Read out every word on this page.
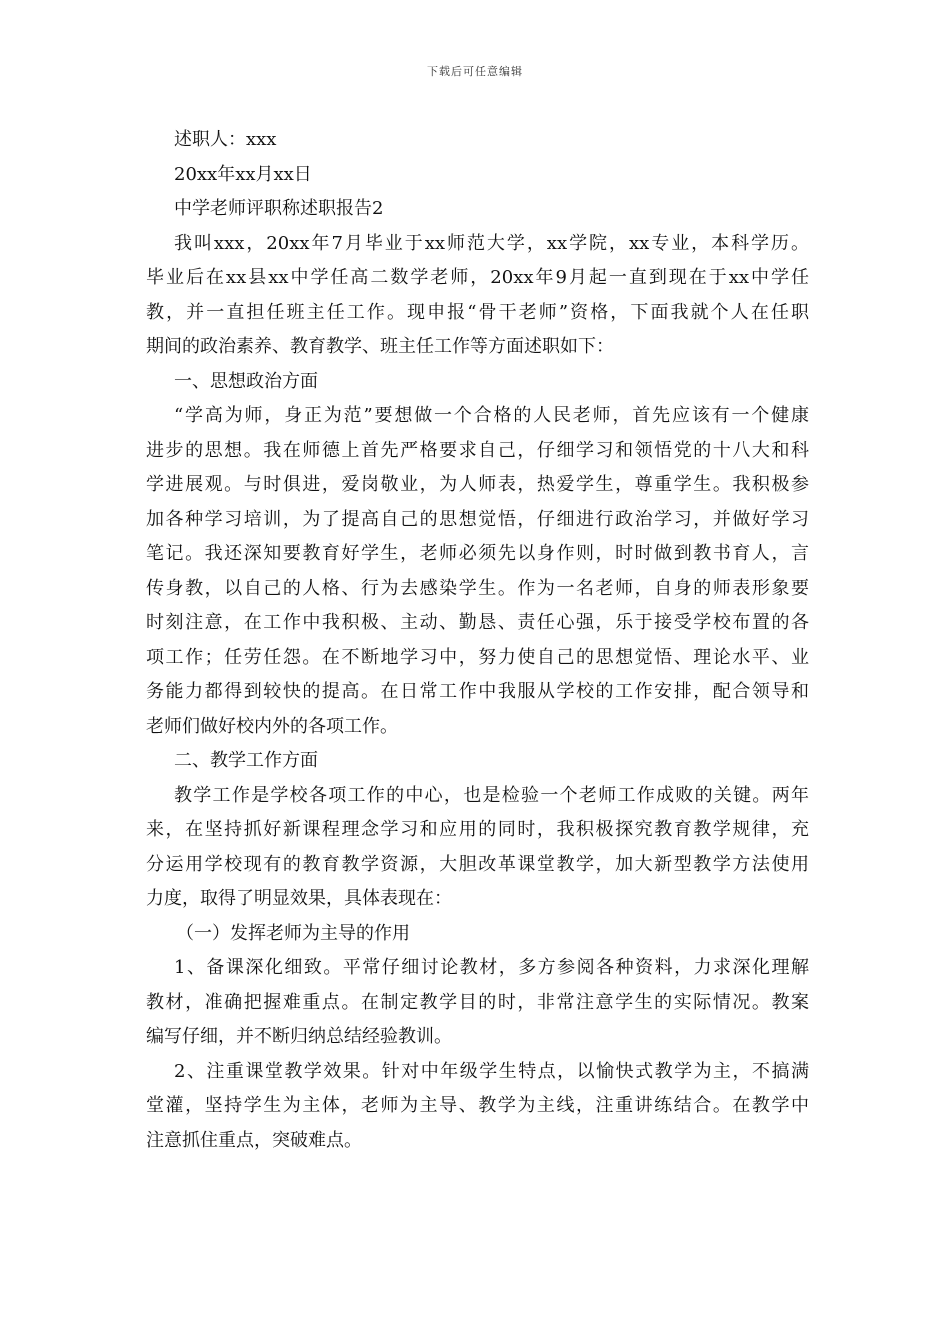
下载后可任意编辑
述职人：xxx
20xx年xx月xx日
中学老师评职称述职报告2
我叫xxx，20xx年7月毕业于xx师范大学，xx学院，xx专业，本科学历。
毕业后在xx县xx中学任高二数学老师，20xx年9月起一直到现在于xx中学任
教，并一直担任班主任工作。现申报“骨干老师”资格，下面我就个人在任职
期间的政治素养、教育教学、班主任工作等方面述职如下：
一、思想政治方面
“学高为师，身正为范”要想做一个合格的人民老师，首先应该有一个健康
进步的思想。我在师德上首先严格要求自己，仔细学习和领悟党的十八大和科
学进展观。与时俱进，爱岗敬业，为人师表，热爱学生，尊重学生。我积极参
加各种学习培训，为了提高自己的思想觉悟，仔细进行政治学习，并做好学习
笔记。我还深知要教育好学生，老师必须先以身作则，时时做到教书育人，言
传身教，以自己的人格、行为去感染学生。作为一名老师，自身的师表形象要
时刻注意，在工作中我积极、主动、勤恳、责任心强，乐于接受学校布置的各
项工作；任劳任怨。在不断地学习中，努力使自己的思想觉悟、理论水平、业
务能力都得到较快的提高。在日常工作中我服从学校的工作安排，配合领导和
老师们做好校内外的各项工作。
二、教学工作方面
教学工作是学校各项工作的中心，也是检验一个老师工作成败的关键。两年
来，在坚持抓好新课程理念学习和应用的同时，我积极探究教育教学规律，充
分运用学校现有的教育教学资源，大胆改革课堂教学，加大新型教学方法使用
力度，取得了明显效果，具体表现在：
（一）发挥老师为主导的作用
1、备课深化细致。平常仔细讨论教材，多方参阅各种资料，力求深化理解
教材，准确把握难重点。在制定教学目的时，非常注意学生的实际情况。教案
编写仔细，并不断归纳总结经验教训。
2、注重课堂教学效果。针对中年级学生特点，以愉快式教学为主，不搞满
堂灌，坚持学生为主体，老师为主导、教学为主线，注重讲练结合。在教学中
注意抓住重点，突破难点。
